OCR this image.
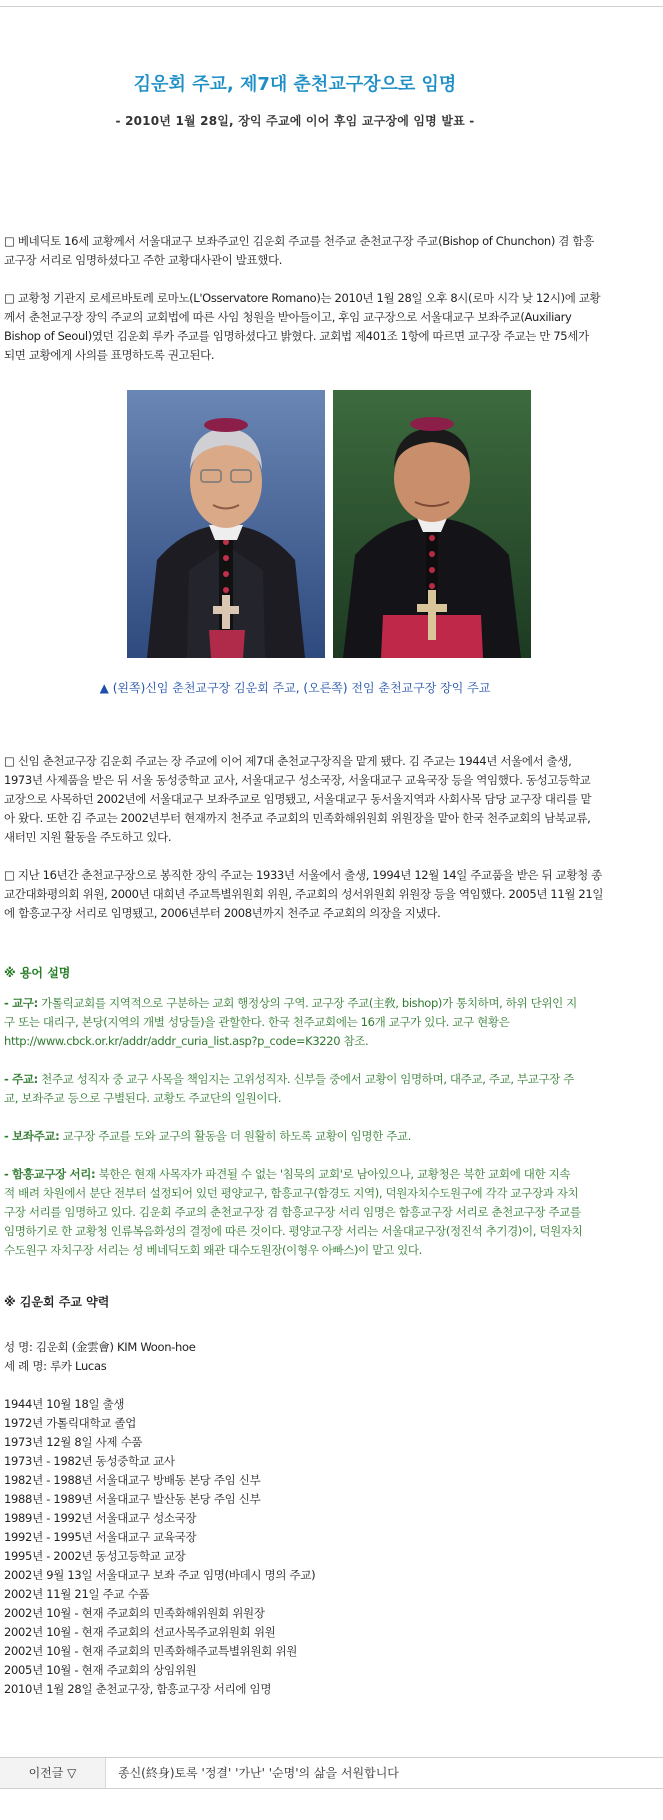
김운회 주교, 제7대 춘천교구장으로 임명
- 2010년 1월 28일, 장익 주교에 이어 후임 교구장에 임명 발표 -
□ 베네딕토 16세 교황께서 서울대교구 보좌주교인 김운회 주교를 천주교 춘천교구장 주교(Bishop of Chunchon) 겸 함흥
교구장 서리로 임명하셨다고 주한 교황대사관이 발표했다.
□ 교황청 기관지 로세르바토레 로마노(L'Osservatore Romano)는 2010년 1월 28일 오후 8시(로마 시각 낮 12시)에 교황
께서 춘천교구장 장익 주교의 교회법에 따른 사임 청원을 받아들이고, 후임 교구장으로 서울대교구 보좌주교(Auxiliary
Bishop of Seoul)였던 김운회 루카 주교를 임명하셨다고 밝혔다. 교회법 제401조 1항에 따르면 교구장 주교는 만 75세가
되면 교황에게 사의를 표명하도록 권고된다.
▲ (왼쪽)신임 춘천교구장 김운회 주교, (오른쪽) 전임 춘천교구장 장익 주교
□ 신임 춘천교구장 김운회 주교는 장 주교에 이어 제7대 춘천교구장직을 맡게 됐다. 김 주교는 1944년 서울에서 출생,
1973년 사제품을 받은 뒤 서울 동성중학교 교사, 서울대교구 성소국장, 서울대교구 교육국장 등을 역임했다. 동성고등학교
교장으로 사목하던 2002년에 서울대교구 보좌주교로 임명됐고, 서울대교구 동서울지역과 사회사목 담당 교구장 대리를 맡
아 왔다. 또한 김 주교는 2002년부터 현재까지 천주교 주교회의 민족화해위원회 위원장을 맡아 한국 천주교회의 남북교류,
새터민 지원 활동을 주도하고 있다.
□ 지난 16년간 춘천교구장으로 봉직한 장익 주교는 1933년 서울에서 출생, 1994년 12월 14일 주교품을 받은 뒤 교황청 종
교간대화평의회 위원, 2000년 대희년 주교특별위원회 위원, 주교회의 성서위원회 위원장 등을 역임했다. 2005년 11월 21일
에 함흥교구장 서리로 임명됐고, 2006년부터 2008년까지 천주교 주교회의 의장을 지냈다.
※ 용어 설명
- 교구: 가톨릭교회를 지역적으로 구분하는 교회 행정상의 구역. 교구장 주교(主敎, bishop)가 통치하며, 하위 단위인 지
구 또는 대리구, 본당(지역의 개별 성당들)을 관할한다. 한국 천주교회에는 16개 교구가 있다. 교구 현황은
http://www.cbck.or.kr/addr/addr_curia_list.asp?p_code=K3220 참조.
- 주교: 천주교 성직자 중 교구 사목을 책임지는 고위성직자. 신부들 중에서 교황이 임명하며, 대주교, 주교, 부교구장 주
교, 보좌주교 등으로 구별된다. 교황도 주교단의 일원이다.
- 보좌주교: 교구장 주교를 도와 교구의 활동을 더 원활히 하도록 교황이 임명한 주교.
- 함흥교구장 서리: 북한은 현재 사목자가 파견될 수 없는 '침묵의 교회'로 남아있으나, 교황청은 북한 교회에 대한 지속
적 배려 차원에서 분단 전부터 설정되어 있던 평양교구, 함흥교구(함경도 지역), 덕원자치수도원구에 각각 교구장과 자치
구장 서리를 임명하고 있다. 김운회 주교의 춘천교구장 겸 함흥교구장 서리 임명은 함흥교구장 서리로 춘천교구장 주교를
임명하기로 한 교황청 인류복음화성의 결정에 따른 것이다. 평양교구장 서리는 서울대교구장(정진석 추기경)이, 덕원자치
수도원구 자치구장 서리는 성 베네딕도회 왜관 대수도원장(이형우 아빠스)이 맡고 있다.
※ 김운회 주교 약력
성 명: 김운회 (金雲會) KIM Woon-hoe
세 례 명: 루카 Lucas
1944년 10월 18일 출생
1972년 가톨릭대학교 졸업
1973년 12월 8일 사제 수품
1973년 - 1982년 동성중학교 교사
1982년 - 1988년 서울대교구 방배동 본당 주임 신부
1988년 - 1989년 서울대교구 발산동 본당 주임 신부
1989년 - 1992년 서울대교구 성소국장
1992년 - 1995년 서울대교구 교육국장
1995년 - 2002년 동성고등학교 교장
2002년 9월 13일 서울대교구 보좌 주교 임명(바데시 명의 주교)
2002년 11월 21일 주교 수품
2002년 10월 - 현재 주교회의 민족화해위원회 위원장
2002년 10월 - 현재 주교회의 선교사목주교위원회 위원
2002년 10월 - 현재 주교회의 민족화해주교특별위원회 위원
2005년 10월 - 현재 주교회의 상임위원
2010년 1월 28일 춘천교구장, 함흥교구장 서리에 임명
이전글 ▽	종신(終身)토록 '정결' '가난' '순명'의 삶을 서원합니다
